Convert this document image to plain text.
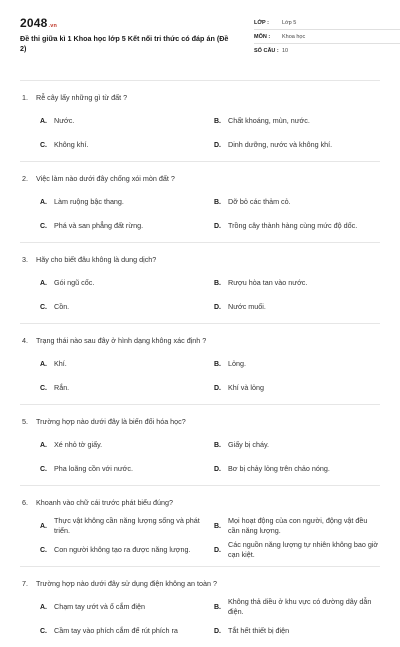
2048.vn
Đề thi giữa kì 1 Khoa học lớp 5 Kết nối tri thức có đáp án (Đề 2)
LỚP :	Lớp 5
MÔN :	Khoa học
SỐ CÂU : 10
1.	Rễ cây lấy những gì từ đất ?
A. Nước.	B. Chất khoáng, mùn, nước.
C. Không khí.	D. Dinh dưỡng, nước và không khí.
2.	Việc làm nào dưới đây chống xói mòn đất ?
A. Làm ruộng bậc thang.	B. Dỡ bỏ các thảm cỏ.
C. Phá và san phẳng đất rừng.	D. Trồng cây thành hàng cùng mức độ dốc.
3.	Hãy cho biết đâu không là dung dịch?
A. Gói ngũ cốc.	B. Rượu hòa tan vào nước.
C. Cồn.	D. Nước muối.
4.	Trạng thái nào sau đây ở hình dạng không xác định ?
A. Khí.	B. Lỏng.
C. Rắn.	D. Khí và lỏng
5.	Trường hợp nào dưới đây là biến đổi hóa học?
A. Xé nhỏ tờ giấy.	B. Giấy bị cháy.
C. Pha loãng cồn với nước.	D. Bơ bị chảy lỏng trên chảo nóng.
6.	Khoanh vào chữ cái trước phát biểu đúng?
A.
Thực vật không cần năng lượng sống và phát triển.	B.
Mọi hoạt động của con người, động vật đều cần năng lượng.
C. Con người không tạo ra được năng lượng.	D.
Các nguồn năng lượng tự nhiên không bao giờ cạn kiệt.
7.	Trường hợp nào dưới đây sử dụng điện không an toàn ?
A. Chạm tay ướt và ổ cắm điện	B.
Không thả diều ở khu vực có đường dây dẫn điện.
C. Cầm tay vào phích cắm để rút phích ra	D. Tắt hết thiết bị điện
